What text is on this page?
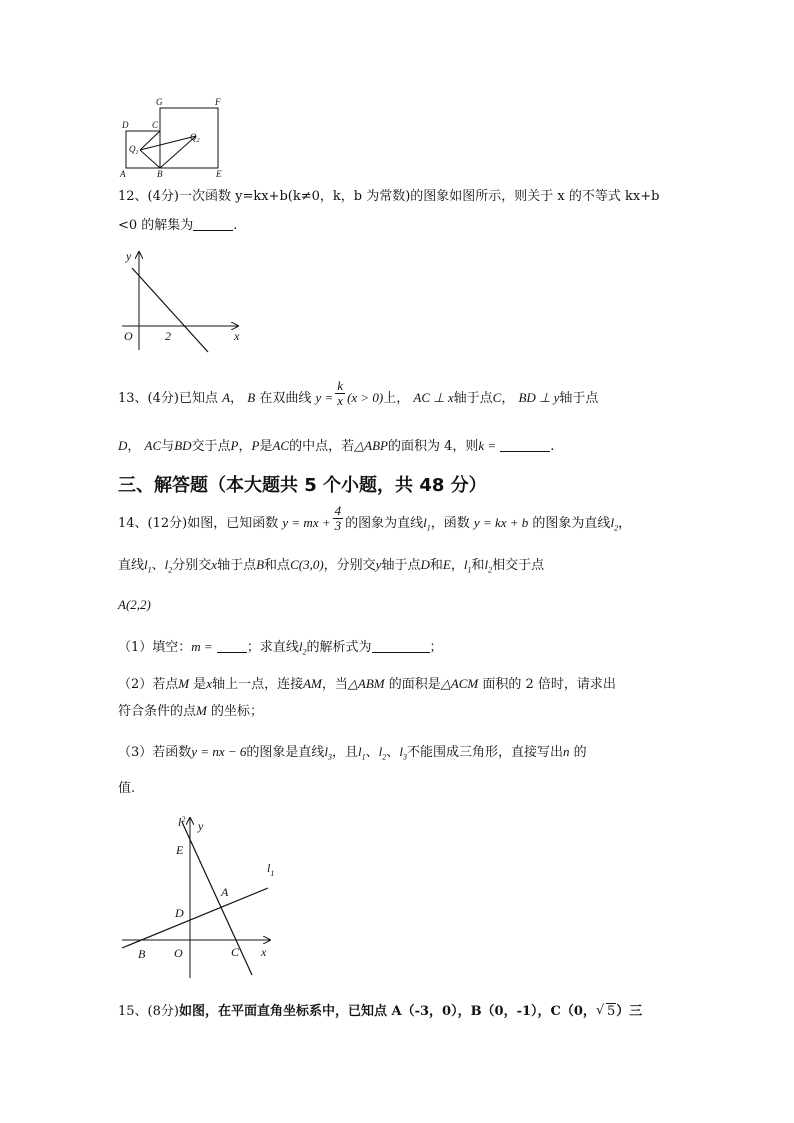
D	C
G	F
$Q_1$
$Q_2$
A	B	E
12、(4分)一次函数 y=kx+b(k≠0，k，b 为常数)的图象如图所示，则关于 x 的不等式 kx+b
<0 的解集为	.
y
x
O	2
13、(4分)已知点 A， B 在双曲线 $y = \frac{k}{x} (x > 0)$上， AC ⊥ x轴于点C， BD ⊥ y轴于点
D， AC与BD交于点P，P是AC的中点，若△ABP的面积为 4，则k =	.
三、解答题（本大题共 5 个小题，共 48 分）
14、(12分)如图，已知函数 y = mx + $\frac{4}{3}$ 的图象为直线$l_1$，函数 y = kx + b 的图象为直线$l_2$，
直线$l_1$、$l_2$分别交x轴于点B和点C(3,0)，分别交y轴于点D和E，$l_1$和$l_2$相交于点
A(2,2)
（1）填空：m =	；求直线$l_2$的解析式为	；
（2）若点M 是x轴上一点，连接AM，当△ABM 的面积是△ACM 面积的 2 倍时，请求出
符合条件的点M 的坐标；
（3）若函数y = nx − 6的图象是直线$l_3$，且$l_1$、$l_2$、$l_3$不能围成三角形，直接写出n 的
值.
$l^2$ y
E
$l_1$
A
D
B O	C x
15、(8分)如图，在平面直角坐标系中，已知点 A（-3，0），B（0，-1），C（0，√ 5）三
